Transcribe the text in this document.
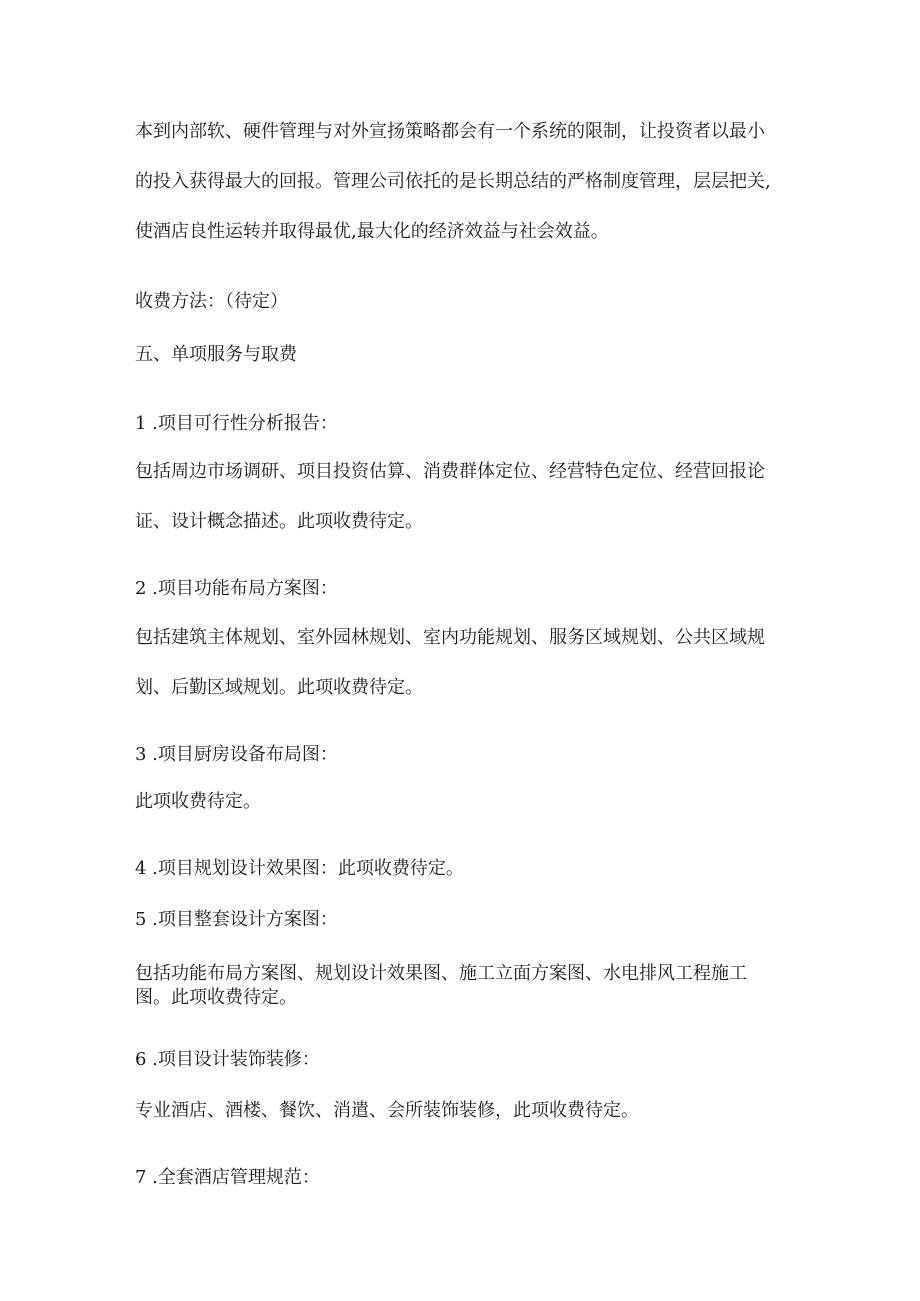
本到内部软、硬件管理与对外宣扬策略都会有一个系统的限制，让投资者以最小
的投入获得最大的回报。管理公司依托的是长期总结的严格制度管理，层层把关,
使酒店良性运转并取得最优,最大化的经济效益与社会效益。
收费方法：（待定）
五、单项服务与取费
1 .项目可行性分析报告：
包括周边市场调研、项目投资估算、消费群体定位、经营特色定位、经营回报论
证、设计概念描述。此项收费待定。
2 .项目功能布局方案图：
包括建筑主体规划、室外园林规划、室内功能规划、服务区域规划、公共区域规
划、后勤区域规划。此项收费待定。
3 .项目厨房设备布局图：
此项收费待定。
4 .项目规划设计效果图：此项收费待定。
5 .项目整套设计方案图：
包括功能布局方案图、规划设计效果图、施工立面方案图、水电排风工程施工
图。此项收费待定。
6 .项目设计装饰装修：
专业酒店、酒楼、餐饮、消遣、会所装饰装修，此项收费待定。
7 .全套酒店管理规范：
